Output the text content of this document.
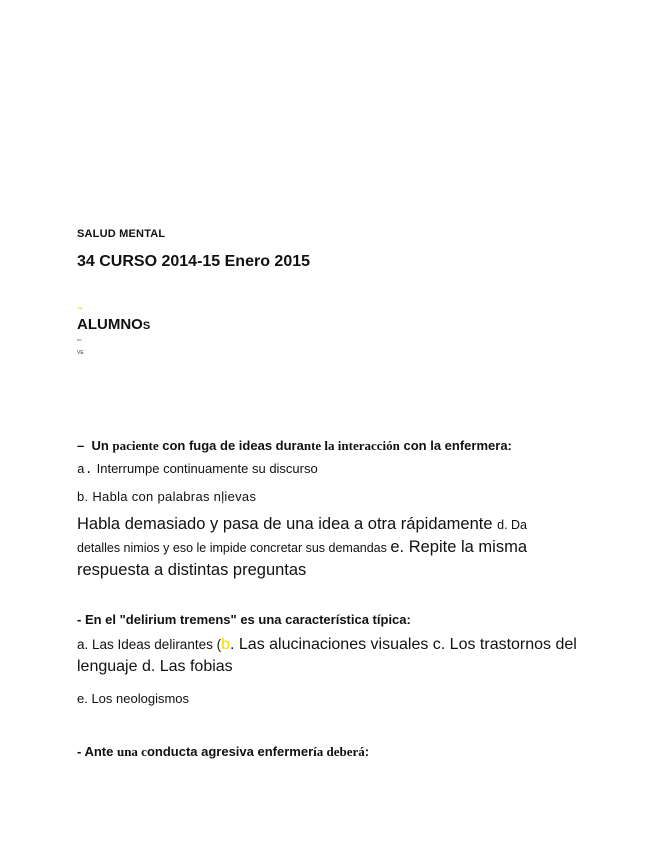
SALUD MENTAL
34 CURSO 2014-15 Enero 2015
m
ALUMNOS
ho
VE
– Un paciente con fuga de ideas durante la interacción con la enfermera:
a. Interrumpe continuamente su discurso
b. Habla con palabras nļievas
Habla demasiado y pasa de una idea a otra rápidamente d. Da
detalles nimios y eso le impide concretar sus demandas e. Repite la misma respuesta a distintas preguntas
- En el "delirium tremens" es una característica típica:
a. Las Ideas delirantes (b. Las alucinaciones visuales c. Los trastornos del lenguaje d. Las fobias
e. Los neologismos
- Ante una conducta agresiva enfermería deberá:
